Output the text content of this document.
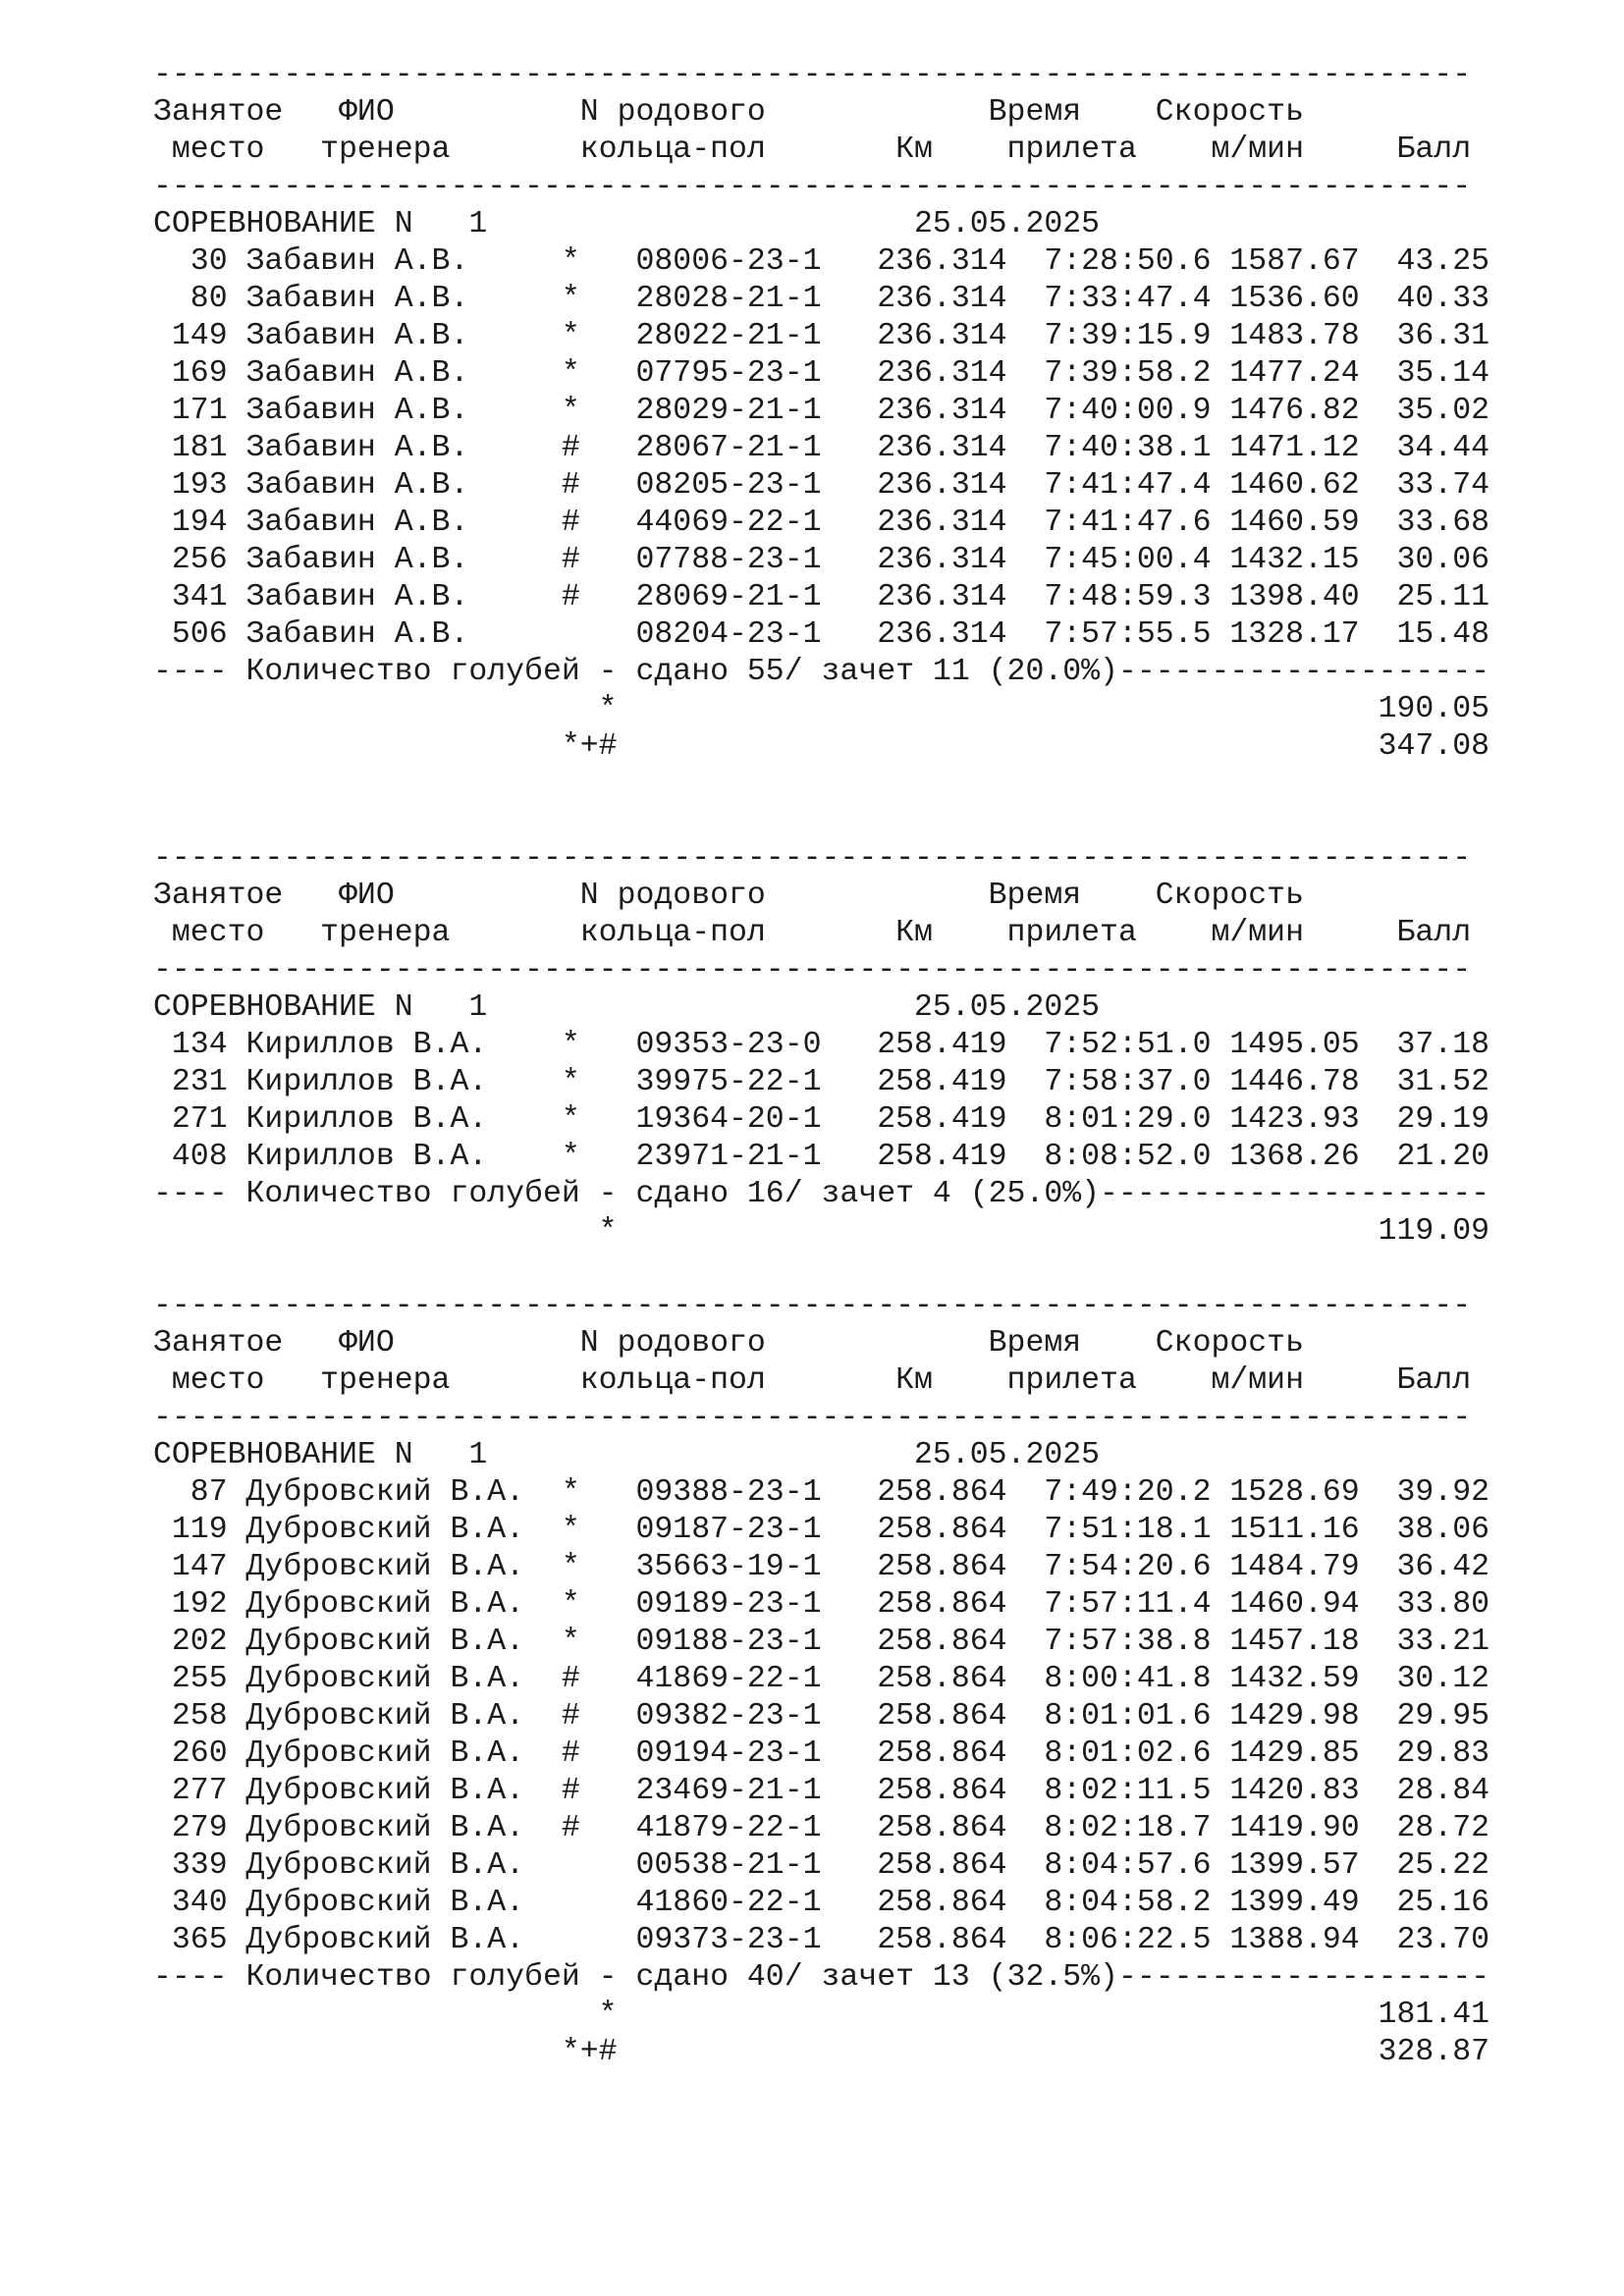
-----------------------------------------------------------------------
Занятое   ФИО          N родового            Время    Скорость
место   тренера       кольца-пол       Км    прилета    м/мин     Балл
-----------------------------------------------------------------------
СОРЕВНОВАНИЕ N   1                       25.05.2025
30 Забавин А.В.     *   08006-23-1   236.314  7:28:50.6 1587.67  43.25
80 Забавин А.В.     *   28028-21-1   236.314  7:33:47.4 1536.60  40.33
149 Забавин А.В.     *   28022-21-1   236.314  7:39:15.9 1483.78  36.31
169 Забавин А.В.     *   07795-23-1   236.314  7:39:58.2 1477.24  35.14
171 Забавин А.В.     *   28029-21-1   236.314  7:40:00.9 1476.82  35.02
181 Забавин А.В.     #   28067-21-1   236.314  7:40:38.1 1471.12  34.44
193 Забавин А.В.     #   08205-23-1   236.314  7:41:47.4 1460.62  33.74
194 Забавин А.В.     #   44069-22-1   236.314  7:41:47.6 1460.59  33.68
256 Забавин А.В.     #   07788-23-1   236.314  7:45:00.4 1432.15  30.06
341 Забавин А.В.     #   28069-21-1   236.314  7:48:59.3 1398.40  25.11
506 Забавин А.В.         08204-23-1   236.314  7:57:55.5 1328.17  15.48
---- Количество голубей - сдано 55/ зачет 11 (20.0%)--------------------
*                                         190.05
*+#                                         347.08
-----------------------------------------------------------------------
Занятое   ФИО          N родового            Время    Скорость
место   тренера       кольца-пол       Км    прилета    м/мин     Балл
-----------------------------------------------------------------------
СОРЕВНОВАНИЕ N   1                       25.05.2025
134 Кириллов В.А.    *   09353-23-0   258.419  7:52:51.0 1495.05  37.18
231 Кириллов В.А.    *   39975-22-1   258.419  7:58:37.0 1446.78  31.52
271 Кириллов В.А.    *   19364-20-1   258.419  8:01:29.0 1423.93  29.19
408 Кириллов В.А.    *   23971-21-1   258.419  8:08:52.0 1368.26  21.20
---- Количество голубей - сдано 16/ зачет 4 (25.0%)---------------------
*                                         119.09
-----------------------------------------------------------------------
Занятое   ФИО          N родового            Время    Скорость
место   тренера       кольца-пол       Км    прилета    м/мин     Балл
-----------------------------------------------------------------------
СОРЕВНОВАНИЕ N   1                       25.05.2025
87 Дубровский В.А.  *   09388-23-1   258.864  7:49:20.2 1528.69  39.92
119 Дубровский В.А.  *   09187-23-1   258.864  7:51:18.1 1511.16  38.06
147 Дубровский В.А.  *   35663-19-1   258.864  7:54:20.6 1484.79  36.42
192 Дубровский В.А.  *   09189-23-1   258.864  7:57:11.4 1460.94  33.80
202 Дубровский В.А.  *   09188-23-1   258.864  7:57:38.8 1457.18  33.21
255 Дубровский В.А.  #   41869-22-1   258.864  8:00:41.8 1432.59  30.12
258 Дубровский В.А.  #   09382-23-1   258.864  8:01:01.6 1429.98  29.95
260 Дубровский В.А.  #   09194-23-1   258.864  8:01:02.6 1429.85  29.83
277 Дубровский В.А.  #   23469-21-1   258.864  8:02:11.5 1420.83  28.84
279 Дубровский В.А.  #   41879-22-1   258.864  8:02:18.7 1419.90  28.72
339 Дубровский В.А.      00538-21-1   258.864  8:04:57.6 1399.57  25.22
340 Дубровский В.А.      41860-22-1   258.864  8:04:58.2 1399.49  25.16
365 Дубровский В.А.      09373-23-1   258.864  8:06:22.5 1388.94  23.70
---- Количество голубей - сдано 40/ зачет 13 (32.5%)--------------------
*                                         181.41
*+#                                         328.87
